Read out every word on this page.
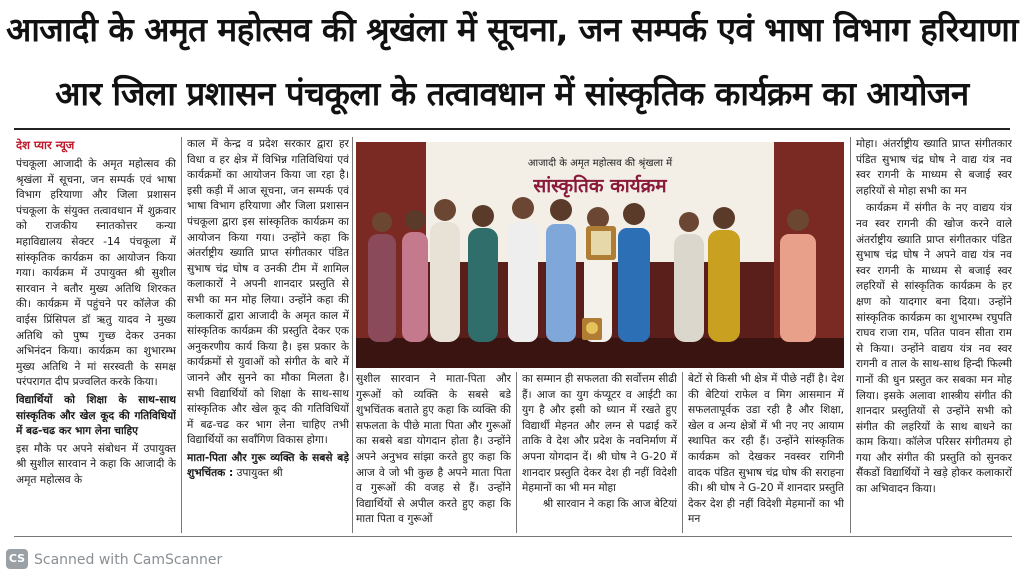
आजादी के अमृत महोत्सव की श्रृखंला में सूचना, जन सम्पर्क एवं भाषा विभाग हरियाणा
आर जिला प्रशासन पंचकूला के तत्वावधान में सांस्कृतिक कार्यक्रम का आयोजन

देश प्यार न्यूज

पंचकूला आजादी के अमृत महोत्सव की श्रृखंला में सूचना, जन सम्पर्क एवं भाषा विभाग हरियाणा और जिला प्रशासन पंचकूला के संयुक्त तत्वावधान में शुक्रवार को राजकीय स्नातकोत्तर कन्या महाविद्यालय सेक्टर -14 पंचकूला में सांस्कृतिक कार्यक्रम का आयोजन किया गया। कार्यक्रम में उपायुक्त श्री सुशील सारवान ने बतौर मुख्य अतिथि शिरकत की। कार्यक्रम में पहुंचने पर कॉलेज की वाईस प्रिंसिपल डॉ ऋतु यादव ने मुख्य अतिथि को पुष्प गुच्छ देकर उनका अभिनंदन किया। कार्यक्रम का शुभारम्भ मुख्य अतिथि ने मां सरस्वती के समक्ष परंपरागत दीप प्रज्वलित करके किया।

विद्यार्थियों को शिक्षा के साथ-साथ सांस्कृतिक और खेल कूद की गतिविधियों में बढ-चढ कर भाग लेना चाहिए

इस मौके पर अपने संबोधन में उपायुक्त श्री सुशील सारवान ने कहा कि आजादी के अमृत महोत्सव के

काल में केन्द्र व प्रदेश सरकार द्वारा हर विधा व हर क्षेत्र में विभिन्न गतिविधियां एवं कार्यक्रमों का आयोजन किया जा रहा है। इसी कड़ी में आज सूचना, जन सम्पर्क एवं भाषा विभाग हरियाणा और जिला प्रशासन पंचकूला द्वारा इस सांस्कृतिक कार्यक्रम का आयोजन किया गया। उन्होंने कहा कि अंतर्राष्ट्रीय ख्याति प्राप्त संगीतकार पंडित सुभाष चंद्र घोष व उनकी टीम में शामिल कलाकारों ने अपनी शानदार प्रस्तुति से सभी का मन मोह लिया। उन्होंने कहा की कलाकारों द्वारा आजादी के अमृत काल में सांस्कृतिक कार्यक्रम की प्रस्तुति देकर एक अनुकरणीय कार्य किया है। इस प्रकार के कार्यक्रमों से युवाओं को संगीत के बारे में जानने और सुनने का मौका मिलता है। सभी विद्यार्थियों को शिक्षा के साथ-साथ सांस्कृतिक और खेल कूद की गतिविधियों में बढ-चढ कर भाग लेना चाहिए तभी विद्यार्थियों का सर्वांगिण विकास होगा।

माता-पिता और गुरू व्यक्ति के सबसे बड़े शुभचिंतक : उपायुक्त श्री

आजादी के अमृत महोत्सव की श्रृंखला में
सांस्कृतिक कार्यक्रम

सुशील सारवान ने माता-पिता और गुरूओं को व्यक्ति के सबसे बडे शुभचिंतक बताते हुए कहा कि व्यक्ति की सफलता के पीछे माता पिता और गुरूओं का सबसे बडा योगदान होता है। उन्होंने अपने अनुभव सांझा करते हुए कहा कि आज वे जो भी कुछ है अपने माता पिता व गुरूओं की वजह से हैं। उन्होंने विद्यार्थियों से अपील करते हुए कहा कि माता पिता व गुरूओं

का सम्मान ही सफलता की सर्वोत्तम सीढी हैं। आज का युग कंप्यूटर व आईटी का युग है और इसी को ध्यान में रखते हुए विद्यार्थी मेहनत और लग्न से पढाई करें ताकि वे देश और प्रदेश के नवनिर्माण में अपना योगदान दें। श्री घोष ने G-20 में शानदार प्रस्तुति देकर देश ही नहीं विदेशी मेहमानों का भी मन मोहा

श्री सारवान ने कहा कि आज बेटियां

बेटों से किसी भी क्षेत्र में पीछे नहीं है। देश की बेटियां राफेल व मिग आसमान में सफलतापूर्वक उडा रही है और शिक्षा, खेल व अन्य क्षेत्रों में भी नए नए आयाम स्थापित कर रही हैं। उन्होंने सांस्कृतिक कार्यक्रम को देखकर नवस्वर रागिनी वादक पंडित सुभाष चंद्र घोष की सराहना की। श्री घोष ने G-20 में शानदार प्रस्तुति देकर देश ही नहीं विदेशी मेहमानों का भी मन

मोहा। अंतर्राष्ट्रीय ख्याति प्राप्त संगीतकार पंडित सुभाष चंद्र घोष ने वाद्य यंत्र नव स्वर रागनी के माध्यम से बजाई स्वर लहरियों से मोहा सभी का मन

कार्यक्रम में संगीत के नए वाद्यय यंत्र नव स्वर रागनी की खोज करने वाले अंतर्राष्ट्रीय ख्याति प्राप्त संगीतकार पंडित सुभाष चंद्र घोष ने अपने वाद्य यंत्र नव स्वर रागनी के माध्यम से बजाई स्वर लहरियों से सांस्कृतिक कार्यक्रम के हर क्षण को यादगार बना दिया। उन्होंने सांस्कृतिक कार्यक्रम का शुभारम्भ रघुपति राघव राजा राम, पतित पावन सीता राम से किया। उन्होंने वाद्यय यंत्र नव स्वर रागनी व ताल के साथ-साथ हिन्दी फिल्मी गानों की धुन प्रस्तुत कर सबका मन मोह लिया। इसके अलावा शास्त्रीय संगीत की शानदार प्रस्तुतियों से उन्होंने सभी को संगीत की लहरियों के साथ बाधने का काम किया। कॉलेज परिसर संगीतमय हो गया और संगीत की प्रस्तुति को सुनकर सैंकडों विद्यार्थियों ने खड़े होकर कलाकारों का अभिवादन किया।

CS Scanned with CamScanner
